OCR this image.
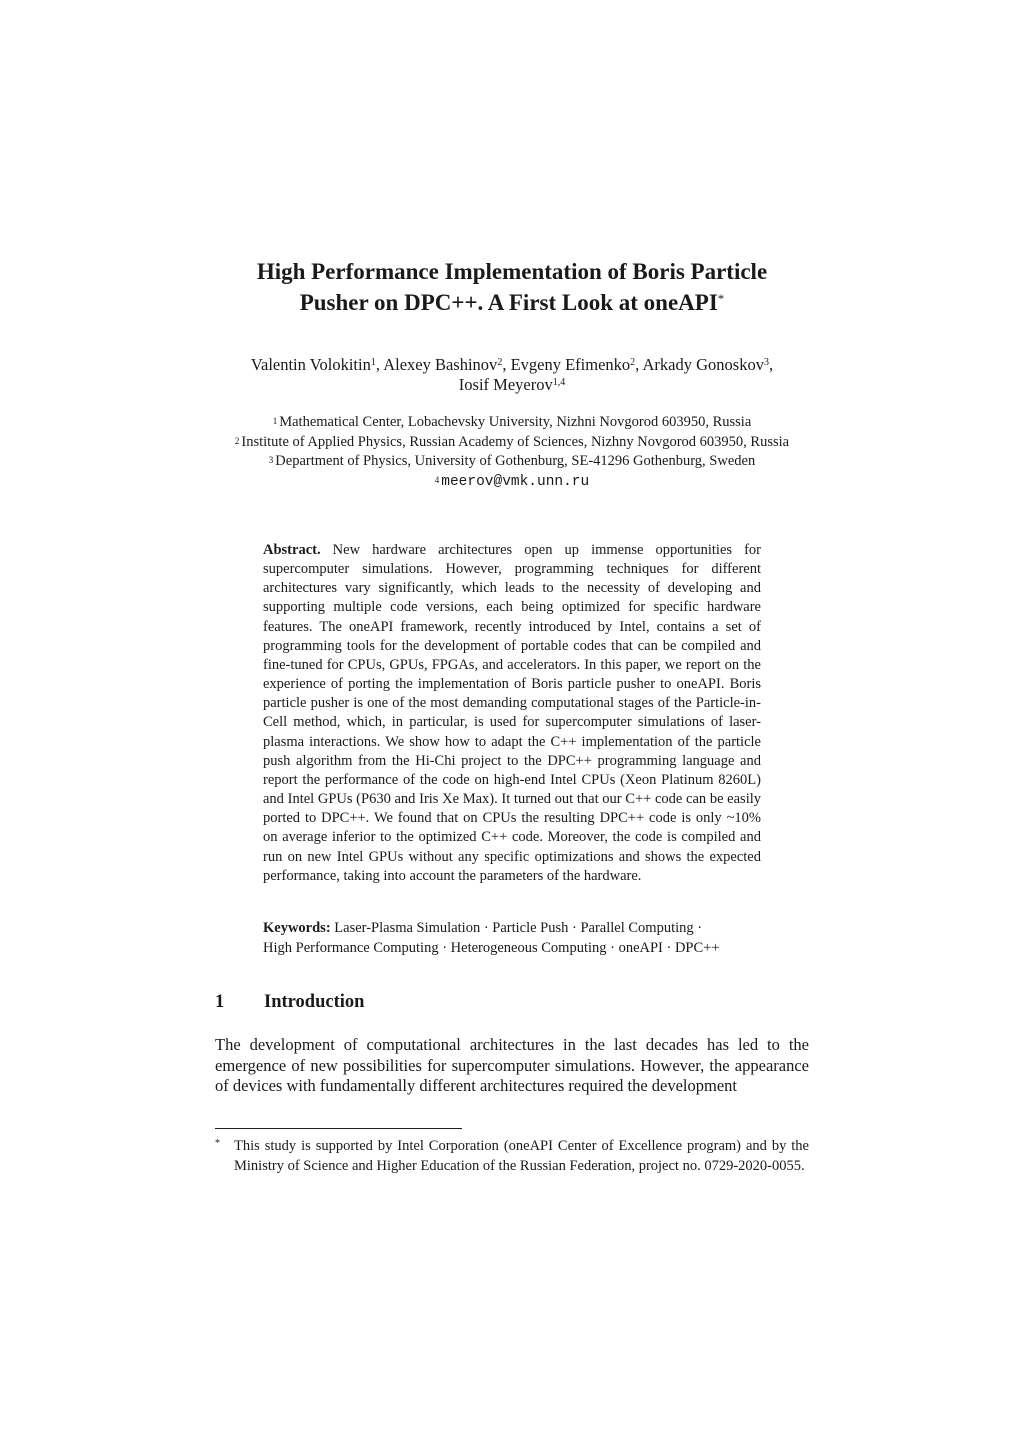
High Performance Implementation of Boris Particle
Pusher on DPC++. A First Look at oneAPI*

Valentin Volokitin$^1$, Alexey Bashinov$^2$, Evgeny Efimenko$^2$, Arkady Gonoskov$^3$,
Iosif Meyerov$^{1,4}$

$^1$ Mathematical Center, Lobachevsky University, Nizhni Novgorod 603950, Russia
$^2$ Institute of Applied Physics, Russian Academy of Sciences, Nizhny Novgorod 603950, Russia
$^3$ Department of Physics, University of Gothenburg, SE-41296 Gothenburg, Sweden
$^4$ meerov@vmk.unn.ru

Abstract. New hardware architectures open up immense opportunities for supercomputer simulations. However, programming techniques for different architectures vary significantly, which leads to the necessity of developing and supporting multiple code versions, each being optimized for specific hardware features. The oneAPI framework, recently introduced by Intel, contains a set of programming tools for the development of portable codes that can be compiled and fine-tuned for CPUs, GPUs, FPGAs, and accelerators. In this paper, we report on the experience of porting the implementation of Boris particle pusher to oneAPI. Boris particle pusher is one of the most demanding computational stages of the Particle-in-Cell method, which, in particular, is used for supercomputer simulations of laser-plasma interactions. We show how to adapt the C++ implementation of the particle push algorithm from the Hi-Chi project to the DPC++ programming language and report the performance of the code on high-end Intel CPUs (Xeon Platinum 8260L) and Intel GPUs (P630 and Iris Xe Max). It turned out that our C++ code can be easily ported to DPC++. We found that on CPUs the resulting DPC++ code is only ~10% on average inferior to the optimized C++ code. Moreover, the code is compiled and run on new Intel GPUs without any specific optimizations and shows the expected performance, taking into account the parameters of the hardware.

Keywords: Laser-Plasma Simulation · Particle Push · Parallel Computing ·
High Performance Computing · Heterogeneous Computing · oneAPI · DPC++

1 Introduction

The development of computational architectures in the last decades has led to the emergence of new possibilities for supercomputer simulations. However, the appearance of devices with fundamentally different architectures required the development

* This study is supported by Intel Corporation (oneAPI Center of Excellence program) and by the Ministry of Science and Higher Education of the Russian Federation, project no. 0729-2020-0055.
